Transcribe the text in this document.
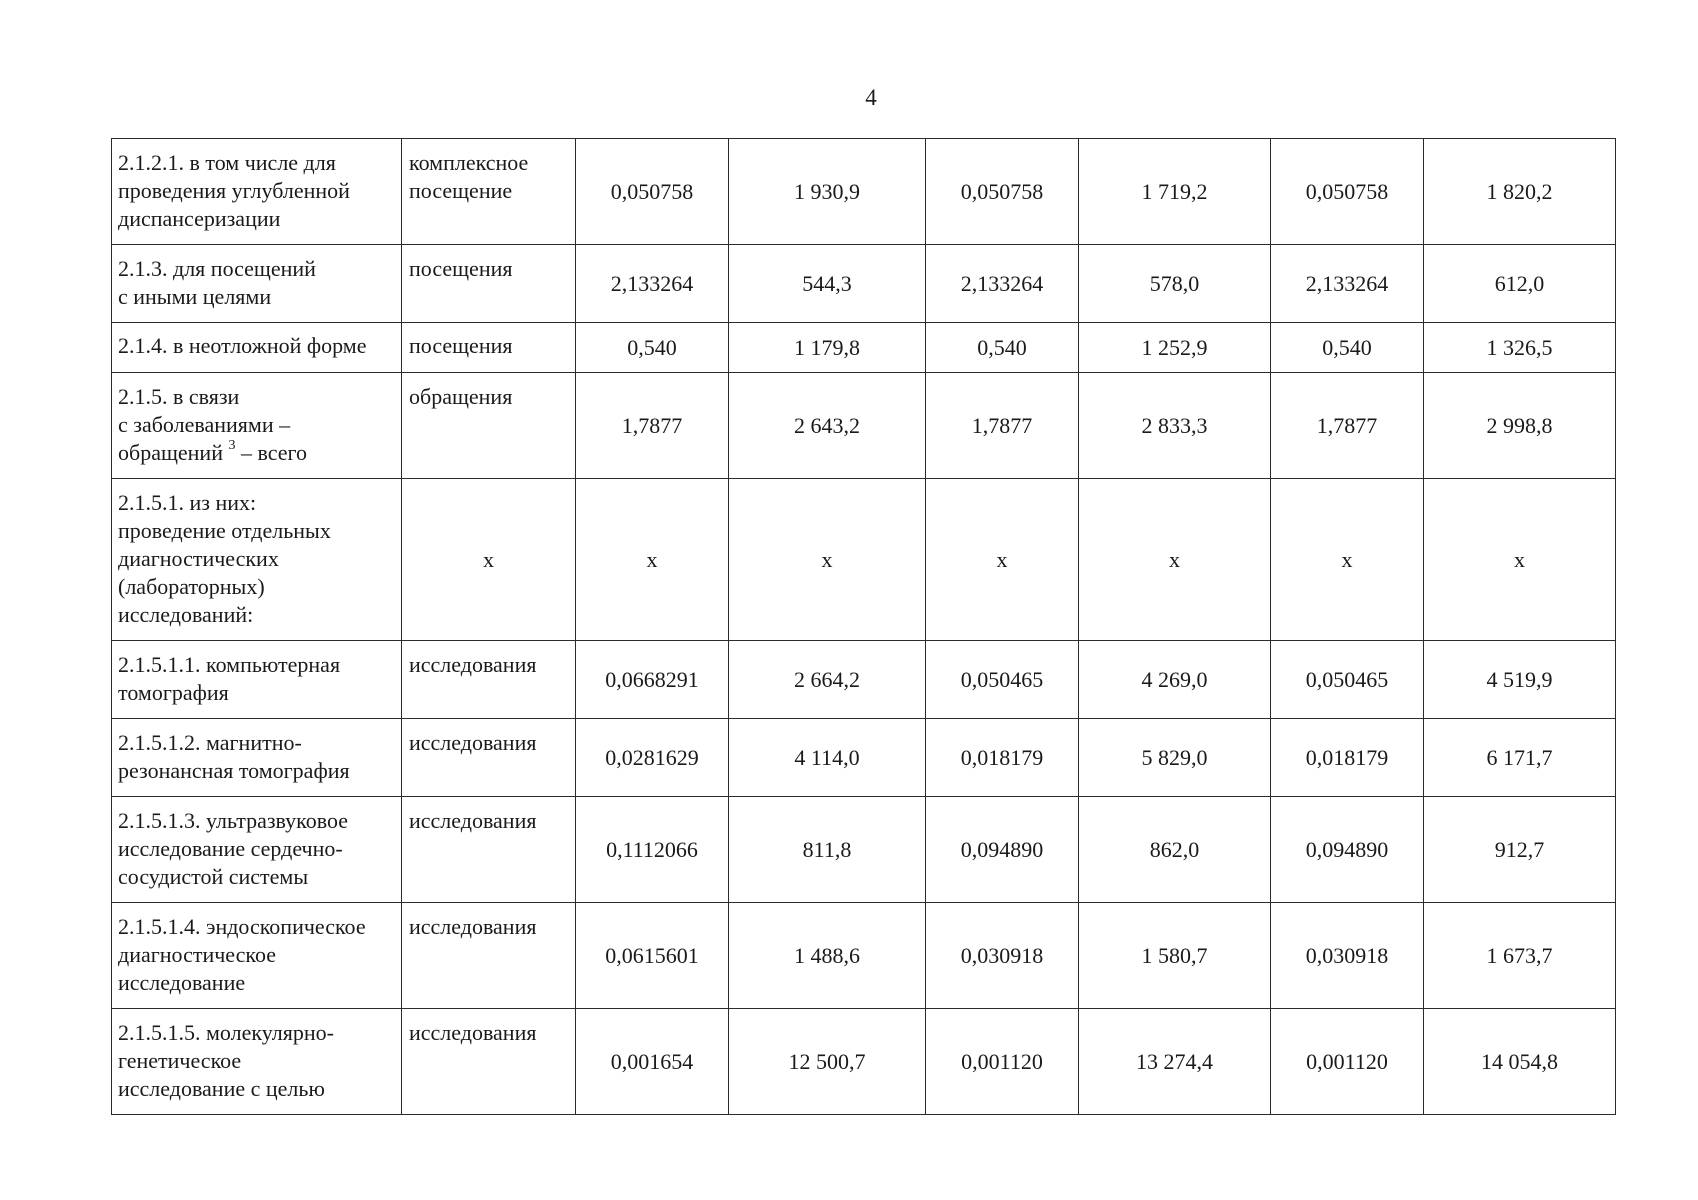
4
2.1.2.1. в том числе для
проведения углубленной
диспансеризации	комплексное
посещение	0,050758	1 930,9	0,050758	1 719,2	0,050758	1 820,2

2.1.3. для посещений
с иными целями	посещения	2,133264	544,3	2,133264	578,0	2,133264	612,0

2.1.4. в неотложной форме	посещения	0,540	1 179,8	0,540	1 252,9	0,540	1 326,5

2.1.5. в связи
с заболеваниями –
обращений $^3$ – всего	обращения	1,7877	2 643,2	1,7877	2 833,3	1,7877	2 998,8

2.1.5.1. из них:
проведение отдельных
диагностических
(лабораторных)
исследований:	х	х	х	х	х	х	х

2.1.5.1.1. компьютерная
томография	исследования	0,0668291	2 664,2	0,050465	4 269,0	0,050465	4 519,9

2.1.5.1.2. магнитно-
резонансная томография	исследования	0,0281629	4 114,0	0,018179	5 829,0	0,018179	6 171,7

2.1.5.1.3. ультразвуковое
исследование сердечно-
сосудистой системы	исследования	0,1112066	811,8	0,094890	862,0	0,094890	912,7

2.1.5.1.4. эндоскопическое
диагностическое
исследование	исследования	0,0615601	1 488,6	0,030918	1 580,7	0,030918	1 673,7

2.1.5.1.5. молекулярно-
генетическое
исследование с целью	исследования	0,001654	12 500,7	0,001120	13 274,4	0,001120	14 054,8
